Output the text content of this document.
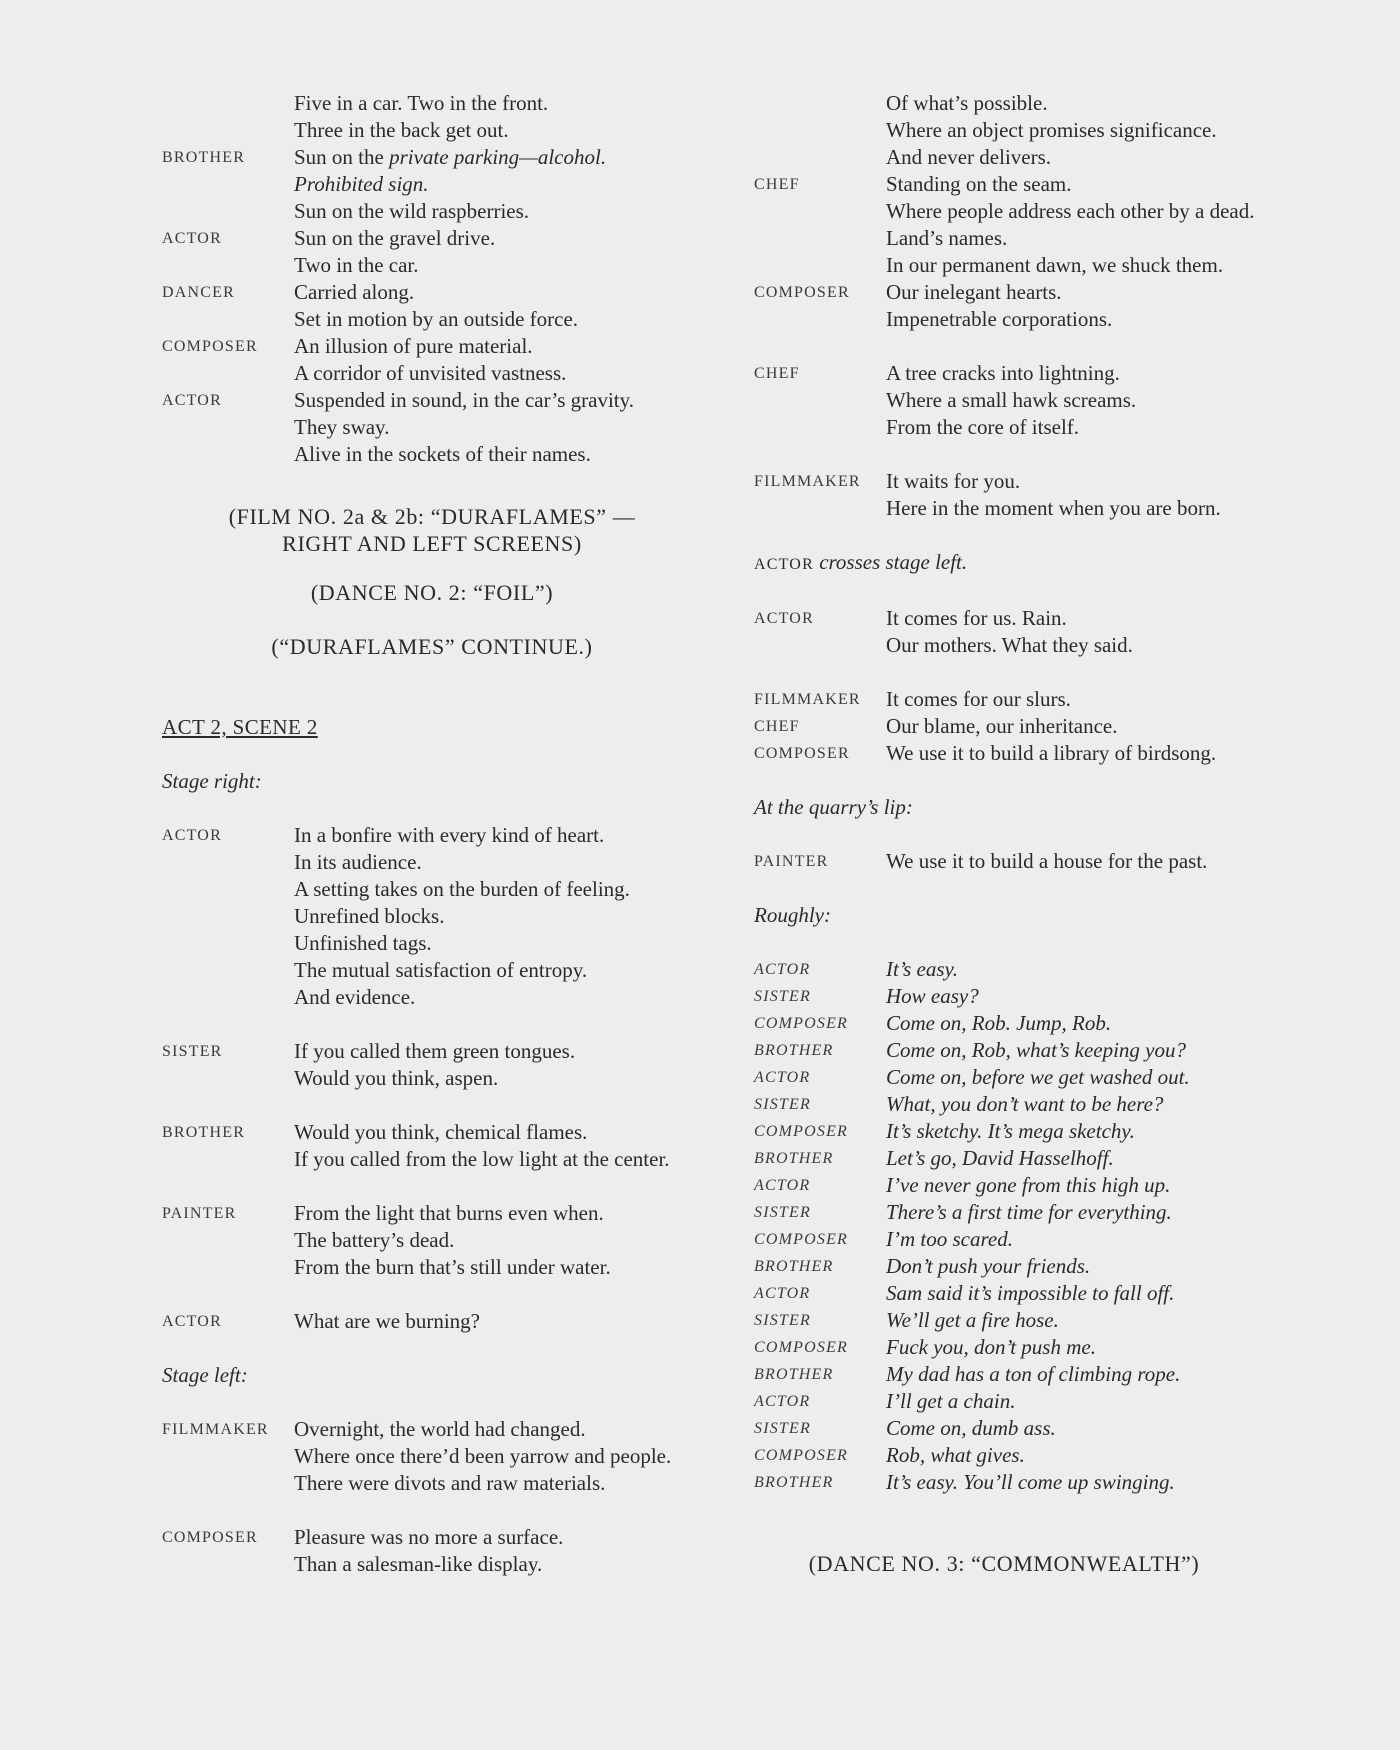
Five in a car. Two in the front.
Three in the back get out.
BROTHER	Sun on the private parking—alcohol.
Prohibited sign.
Sun on the wild raspberries.
ACTOR	Sun on the gravel drive.
Two in the car.
DANCER	Carried along.
Set in motion by an outside force.
COMPOSER	An illusion of pure material.
A corridor of unvisited vastness.
ACTOR	Suspended in sound, in the car’s gravity.
They sway.
Alive in the sockets of their names.
(FILM NO. 2a & 2b: “DURAFLAMES” —
RIGHT AND LEFT SCREENS)
(DANCE NO. 2: “FOIL”)
(“DURAFLAMES” CONTINUE.)
ACT 2, SCENE 2
Stage right:
ACTOR	In a bonfire with every kind of heart.
In its audience.
A setting takes on the burden of feeling.
Unrefined blocks.
Unfinished tags.
The mutual satisfaction of entropy.
And evidence.
SISTER	If you called them green tongues.
Would you think, aspen.
BROTHER	Would you think, chemical flames.
If you called from the low light at the center.
PAINTER	From the light that burns even when.
The battery’s dead.
From the burn that’s still under water.
ACTOR	What are we burning?
Stage left:
FILMMAKER	Overnight, the world had changed.
Where once there’d been yarrow and people.
There were divots and raw materials.
COMPOSER	Pleasure was no more a surface.
Than a salesman-like display.
Of what’s possible.
Where an object promises significance.
And never delivers.
CHEF	Standing on the seam.
Where people address each other by a dead.
Land’s names.
In our permanent dawn, we shuck them.
COMPOSER	Our inelegant hearts.
Impenetrable corporations.
CHEF	A tree cracks into lightning.
Where a small hawk screams.
From the core of itself.
FILMMAKER	It waits for you.
Here in the moment when you are born.
ACTOR crosses stage left.
ACTOR	It comes for us. Rain.
Our mothers. What they said.
FILMMAKER	It comes for our slurs.
CHEF	Our blame, our inheritance.
COMPOSER	We use it to build a library of birdsong.
At the quarry’s lip:
PAINTER	We use it to build a house for the past.
Roughly:
ACTOR	It’s easy.
SISTER	How easy?
COMPOSER	Come on, Rob. Jump, Rob.
BROTHER	Come on, Rob, what’s keeping you?
ACTOR	Come on, before we get washed out.
SISTER	What, you don’t want to be here?
COMPOSER	It’s sketchy. It’s mega sketchy.
BROTHER	Let’s go, David Hasselhoff.
ACTOR	I’ve never gone from this high up.
SISTER	There’s a first time for everything.
COMPOSER	I’m too scared.
BROTHER	Don’t push your friends.
ACTOR	Sam said it’s impossible to fall off.
SISTER	We’ll get a fire hose.
COMPOSER	Fuck you, don’t push me.
BROTHER	My dad has a ton of climbing rope.
ACTOR	I’ll get a chain.
SISTER	Come on, dumb ass.
COMPOSER	Rob, what gives.
BROTHER	It’s easy. You’ll come up swinging.
(DANCE NO. 3: “COMMONWEALTH”)
